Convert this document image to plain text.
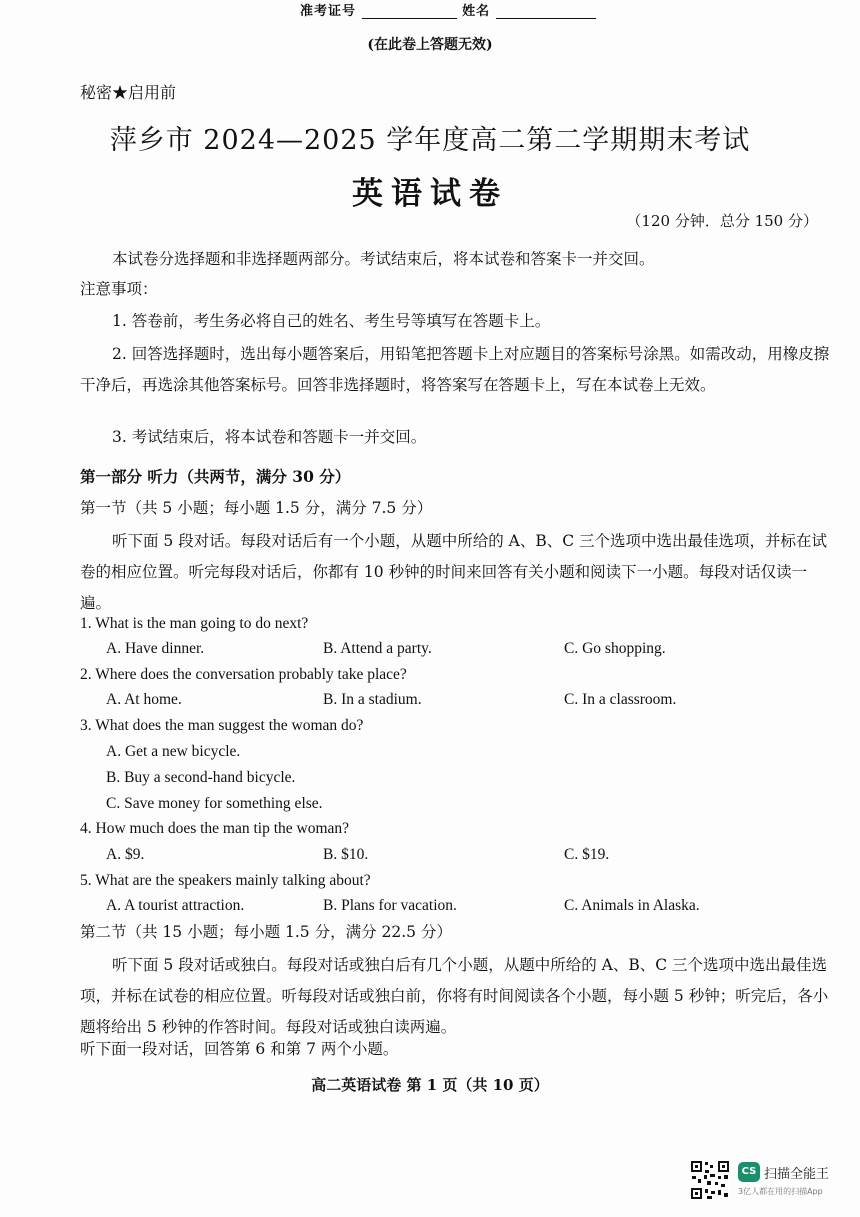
准考证号	姓名
(在此卷上答题无效)
秘密★启用前
萍乡市 2024—2025 学年度高二第二学期期末考试
英语试卷
（120 分钟．总分 150 分）
本试卷分选择题和非选择题两部分。考试结束后，将本试卷和答案卡一并交回。
注意事项：
1. 答卷前，考生务必将自己的姓名、考生号等填写在答题卡上。
2. 回答选择题时，选出每小题答案后，用铅笔把答题卡上对应题目的答案标号涂黑。如需改动，用橡皮擦干净后，再选涂其他答案标号。回答非选择题时，将答案写在答题卡上，写在本试卷上无效。
3. 考试结束后，将本试卷和答题卡一并交回。
第一部分 听力（共两节，满分 30 分）
第一节（共 5 小题；每小题 1.5 分，满分 7.5 分）
听下面 5 段对话。每段对话后有一个小题，从题中所给的 A、B、C 三个选项中选出最佳选项，并标在试卷的相应位置。听完每段对话后，你都有 10 秒钟的时间来回答有关小题和阅读下一小题。每段对话仅读一遍。
1. What is the man going to do next?
A. Have dinner.	B. Attend a party.	C. Go shopping.
2. Where does the conversation probably take place?
A. At home.	B. In a stadium.	C. In a classroom.
3. What does the man suggest the woman do?
A. Get a new bicycle.
B. Buy a second-hand bicycle.
C. Save money for something else.
4. How much does the man tip the woman?
A. $9.	B. $10.	C. $19.
5. What are the speakers mainly talking about?
A. A tourist attraction.	B. Plans for vacation.	C. Animals in Alaska.
第二节（共 15 小题；每小题 1.5 分，满分 22.5 分）
听下面 5 段对话或独白。每段对话或独白后有几个小题，从题中所给的 A、B、C 三个选项中选出最佳选项，并标在试卷的相应位置。听每段对话或独白前，你将有时间阅读各个小题，每小题 5 秒钟；听完后，各小题将给出 5 秒钟的作答时间。每段对话或独白读两遍。
听下面一段对话，回答第 6 和第 7 两个小题。
高二英语试卷 第 1 页（共 10 页）
CS 扫描全能王
3亿人都在用的扫描App
